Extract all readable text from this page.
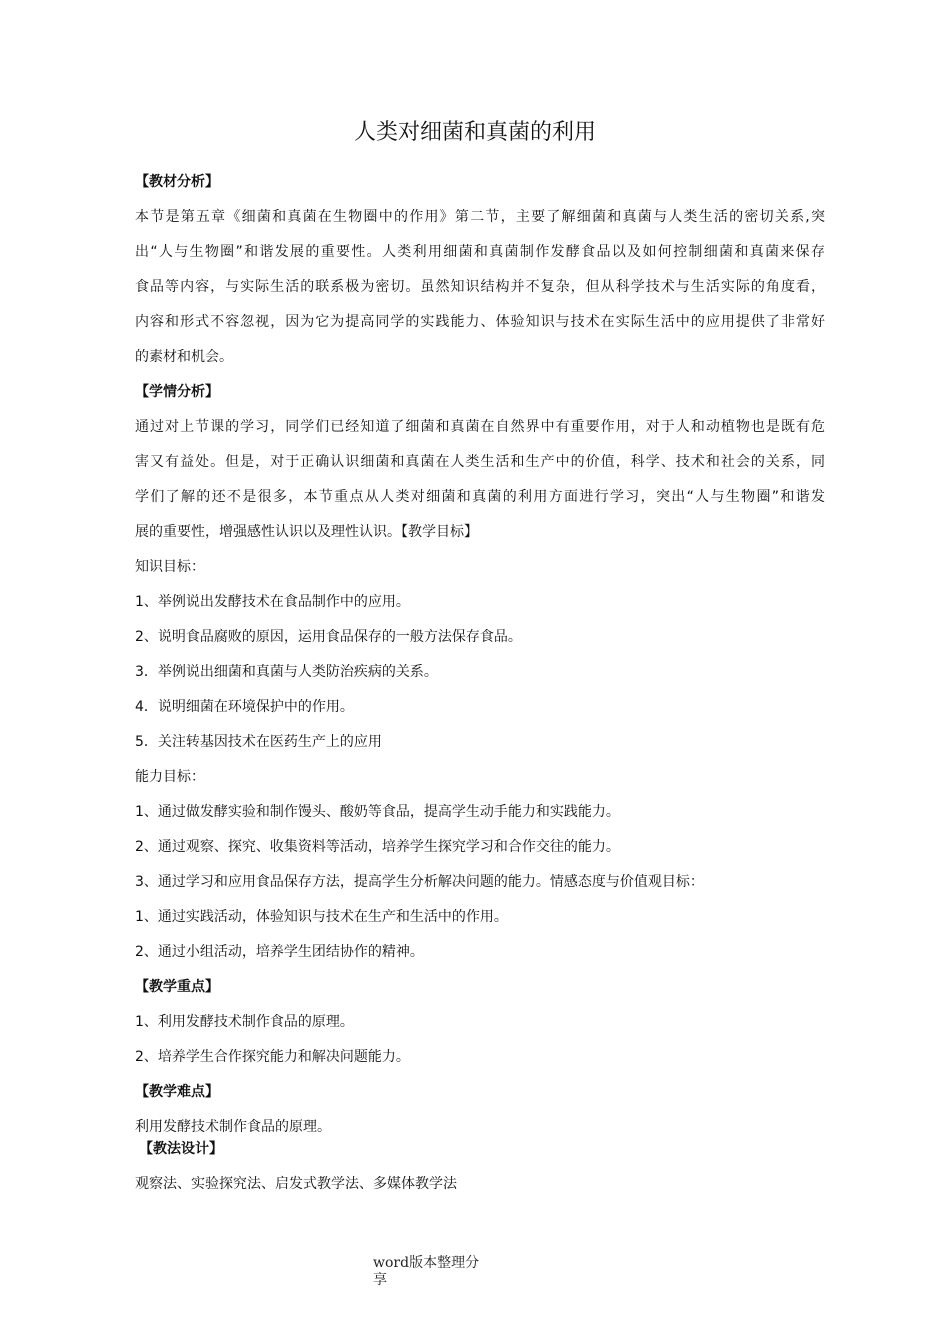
人类对细菌和真菌的利用
【教材分析】
本节是第五章《细菌和真菌在生物圈中的作用》第二节，主要了解细菌和真菌与人类生活的密切关系,突
出“人与生物圈”和谐发展的重要性。人类利用细菌和真菌制作发酵食品以及如何控制细菌和真菌来保存
食品等内容，与实际生活的联系极为密切。虽然知识结构并不复杂，但从科学技术与生活实际的角度看，
内容和形式不容忽视，因为它为提高同学的实践能力、体验知识与技术在实际生活中的应用提供了非常好
的素材和机会。
【学情分析】
通过对上节课的学习，同学们已经知道了细菌和真菌在自然界中有重要作用，对于人和动植物也是既有危
害又有益处。但是，对于正确认识细菌和真菌在人类生活和生产中的价值，科学、技术和社会的关系，同
学们了解的还不是很多，本节重点从人类对细菌和真菌的利用方面进行学习，突出“人与生物圈”和谐发
展的重要性，增强感性认识以及理性认识。【教学目标】
知识目标：
1、举例说出发酵技术在食品制作中的应用。
2、说明食品腐败的原因，运用食品保存的一般方法保存食品。
3．举例说出细菌和真菌与人类防治疾病的关系。
4．说明细菌在环境保护中的作用。
5．关注转基因技术在医药生产上的应用
能力目标：
1、通过做发酵实验和制作馒头、酸奶等食品，提高学生动手能力和实践能力。
2、通过观察、探究、收集资料等活动，培养学生探究学习和合作交往的能力。
3、通过学习和应用食品保存方法，提高学生分析解决问题的能力。情感态度与价值观目标：
1、通过实践活动，体验知识与技术在生产和生活中的作用。
2、通过小组活动，培养学生团结协作的精神。
【教学重点】
1、利用发酵技术制作食品的原理。
2、培养学生合作探究能力和解决问题能力。
【教学难点】
利用发酵技术制作食品的原理。
【教法设计】
观察法、实验探究法、启发式教学法、多媒体教学法
word版本整理分
享
